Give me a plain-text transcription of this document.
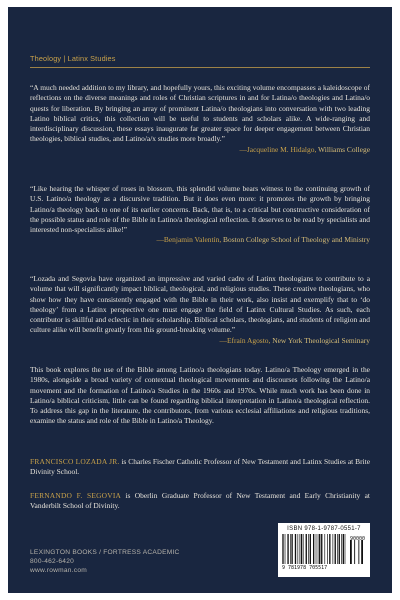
Theology | Latinx Studies

“A much needed addition to my library, and hopefully yours, this exciting volume encompasses a kaleidoscope of reflections on the diverse meanings and roles of Christian scriptures in and for Latina/o theologies and Latina/o quests for liberation. By bringing an array of prominent Latina/o theologians into conversation with two leading Latino biblical critics, this collection will be useful to students and scholars alike. A wide-ranging and interdisciplinary discussion, these essays inaugurate far greater space for deeper engagement between Christian theologies, biblical studies, and Latino/a/x studies more broadly.”

—Jacqueline M. Hidalgo, Williams College

“Like hearing the whisper of roses in blossom, this splendid volume bears witness to the continuing growth of U.S. Latino/a theology as a discursive tradition. But it does even more: it promotes the growth by bringing Latino/a theology back to one of its earlier concerns. Back, that is, to a critical but constructive consideration of the possible status and role of the Bible in Latino/a theological reflection. It deserves to be read by specialists and interested non-specialists alike!”

—Benjamin Valentín, Boston College School of Theology and Ministry

“Lozada and Segovia have organized an impressive and varied cadre of Latinx theologians to contribute to a volume that will significantly impact biblical, theological, and religious studies. These creative theologians, who show how they have consistently engaged with the Bible in their work, also insist and exemplify that to ‘do theology’ from a Latinx perspective one must engage the field of Latinx Cultural Studies. As such, each contributor is skillful and eclectic in their scholarship. Biblical scholars, theologians, and students of religion and culture alike will benefit greatly from this ground-breaking volume.”

—Efraín Agosto, New York Theological Seminary

This book explores the use of the Bible among Latino/a theologians today. Latino/a Theology emerged in the 1980s, alongside a broad variety of contextual theological movements and discourses following the Latino/a movement and the formation of Latino/a Studies in the 1960s and 1970s. While much work has been done in Latino/a biblical criticism, little can be found regarding biblical interpretation in Latino/a theological reflection. To address this gap in the literature, the contributors, from various ecclesial affiliations and religious traditions, examine the status and role of the Bible in Latino/a Theology.

FRANCISCO LOZADA JR. is Charles Fischer Catholic Professor of New Testament and Latinx Studies at Brite Divinity School.

FERNANDO F. SEGOVIA is Oberlin Graduate Professor of New Testament and Early Christianity at Vanderbilt School of Divinity.

LEXINGTON BOOKS / FORTRESS ACADEMIC
800-462-6420
www.rowman.com
ISBN 978-1-9787-0551-7
9 781978 705517
90000
